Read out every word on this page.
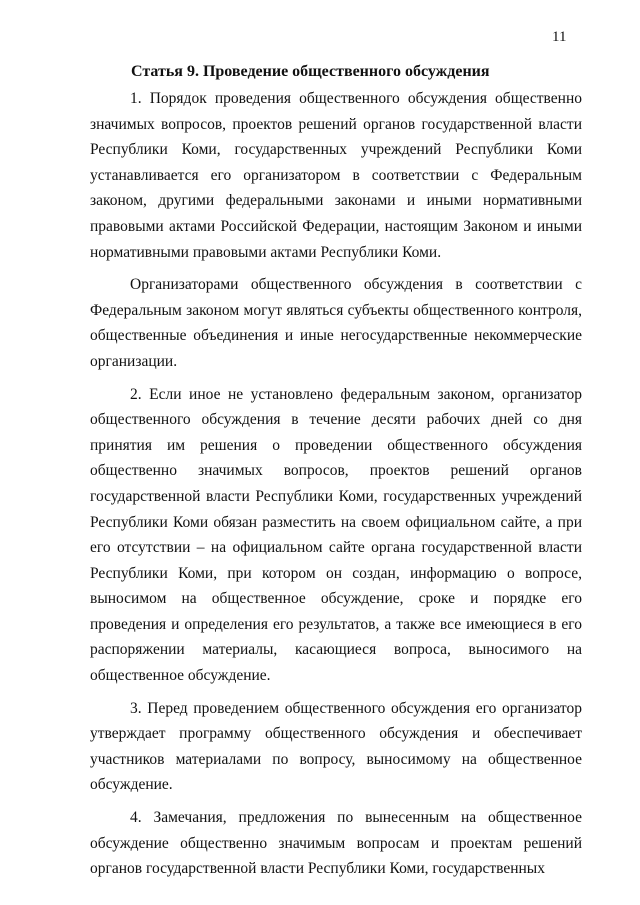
11
Статья 9. Проведение общественного обсуждения

1. Порядок проведения общественного обсуждения общественно значимых вопросов, проектов решений органов государственной власти Республики Коми, государственных учреждений Республики Коми устанавливается его организатором в соответствии с Федеральным законом, другими федеральными законами и иными нормативными правовыми актами Российской Федерации, настоящим Законом и иными нормативными правовыми актами Республики Коми.

Организаторами общественного обсуждения в соответствии с Федеральным законом могут являться субъекты общественного контроля, общественные объединения и иные негосударственные некоммерческие организации.

2. Если иное не установлено федеральным законом, организатор общественного обсуждения в течение десяти рабочих дней со дня принятия им решения о проведении общественного обсуждения общественно значимых вопросов, проектов решений органов государственной власти Республики Коми, государственных учреждений Республики Коми обязан разместить на своем официальном сайте, а при его отсутствии – на официальном сайте органа государственной власти Республики Коми, при котором он создан, информацию о вопросе, выносимом на общественное обсуждение, сроке и порядке его проведения и определения его результатов, а также все имеющиеся в его распоряжении материалы, касающиеся вопроса, выносимого на общественное обсуждение.

3. Перед проведением общественного обсуждения его организатор утверждает программу общественного обсуждения и обеспечивает участников материалами по вопросу, выносимому на общественное обсуждение.

4. Замечания, предложения по вынесенным на общественное обсуждение общественно значимым вопросам и проектам решений органов государственной власти Республики Коми, государственных
